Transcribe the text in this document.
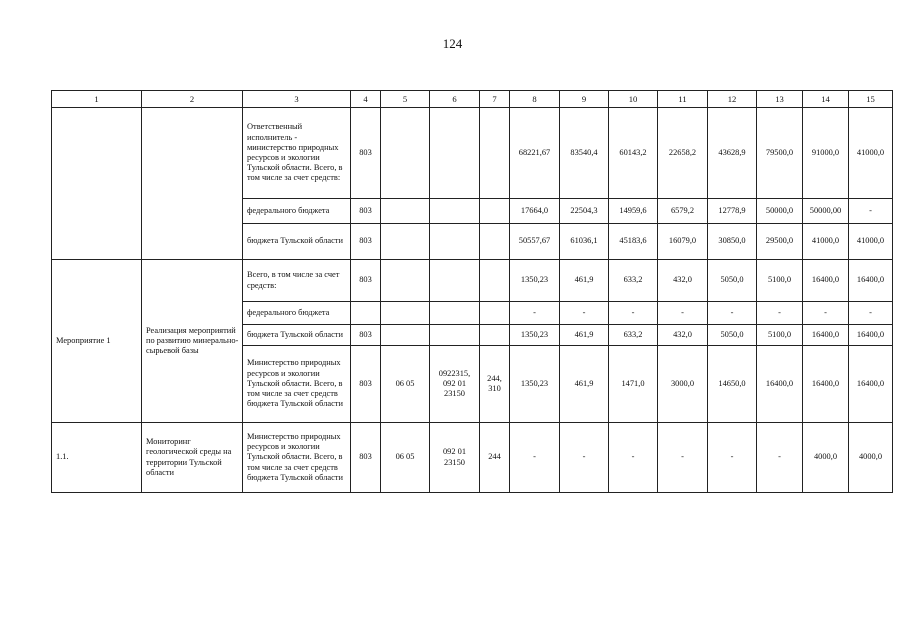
124
1	2	3	4	5	6	7	8	9	10	11	12	13	14	15
		Ответственный исполнитель - министерство природных ресурсов и экологии Тульской области. Всего, в том числе за счет средств:	803				68221,67	83540,4	60143,2	22658,2	43628,9	79500,0	91000,0	41000,0
		федерального бюджета	803				17664,0	22504,3	14959,6	6579,2	12778,9	50000,0	50000,00	-
		бюджета Тульской области	803				50557,67	61036,1	45183,6	16079,0	30850,0	29500,0	41000,0	41000,0
Мероприятие 1	Реализация мероприятий по развитию минерально-сырьевой базы	Всего, в том числе за счет средств:	803				1350,23	461,9	633,2	432,0	5050,0	5100,0	16400,0	16400,0
		федерального бюджета					-	-	-	-	-	-	-	-
		бюджета Тульской области	803				1350,23	461,9	633,2	432,0	5050,0	5100,0	16400,0	16400,0
		Министерство природных ресурсов и экологии Тульской области. Всего, в том числе за счет средств бюджета Тульской области	803	06 05	0922315, 092 01 23150	244, 310	1350,23	461,9	1471,0	3000,0	14650,0	16400,0	16400,0	16400,0
1.1.	Мониторинг геологической среды на территории Тульской области	Министерство природных ресурсов и экологии Тульской области. Всего, в том числе за счет средств бюджета Тульской области	803	06 05	092 01 23150	244	-	-	-	-	-	-	4000,0	4000,0
